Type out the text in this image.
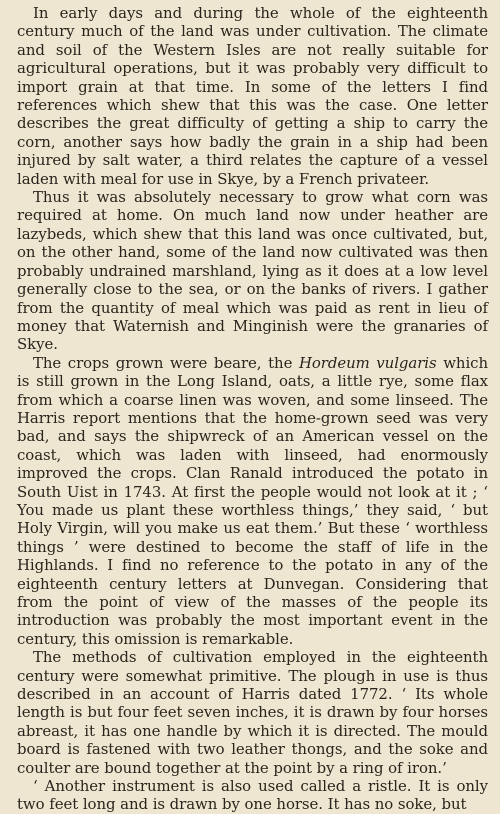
In early days and during the whole of the eighteenth century much of the land was under cultivation. The climate and soil of the Western Isles are not really suitable for agricultural operations, but it was probably very difficult to import grain at that time. In some of the letters I find references which shew that this was the case. One letter describes the great difficulty of getting a ship to carry the corn, another says how badly the grain in a ship had been injured by salt water, a third relates the capture of a vessel laden with meal for use in Skye, by a French privateer.

Thus it was absolutely necessary to grow what corn was required at home. On much land now under heather are lazybeds, which shew that this land was once cultivated, but, on the other hand, some of the land now cultivated was then probably undrained marshland, lying as it does at a low level generally close to the sea, or on the banks of rivers. I gather from the quantity of meal which was paid as rent in lieu of money that Waternish and Minginish were the granaries of Skye.

The crops grown were beare, the Hordeum vulgaris which is still grown in the Long Island, oats, a little rye, some flax from which a coarse linen was woven, and some linseed. The Harris report mentions that the home-grown seed was very bad, and says the shipwreck of an American vessel on the coast, which was laden with linseed, had enormously improved the crops. Clan Ranald introduced the potato in South Uist in 1743. At first the people would not look at it ; ‘ You made us plant these worthless things,’ they said, ‘ but Holy Virgin, will you make us eat them.’ But these ‘ worthless things ’ were destined to become the staff of life in the Highlands. I find no reference to the potato in any of the eighteenth century letters at Dunvegan. Considering that from the point of view of the masses of the people its introduction was probably the most important event in the century, this omission is remarkable.

The methods of cultivation employed in the eighteenth century were somewhat primitive. The plough in use is thus described in an account of Harris dated 1772. ‘ Its whole length is but four feet seven inches, it is drawn by four horses abreast, it has one handle by which it is directed. The mould board is fastened with two leather thongs, and the soke and coulter are bound together at the point by a ring of iron.’

‘ Another instrument is also used called a ristle. It is only two feet long and is drawn by one horse. It has no soke, but
